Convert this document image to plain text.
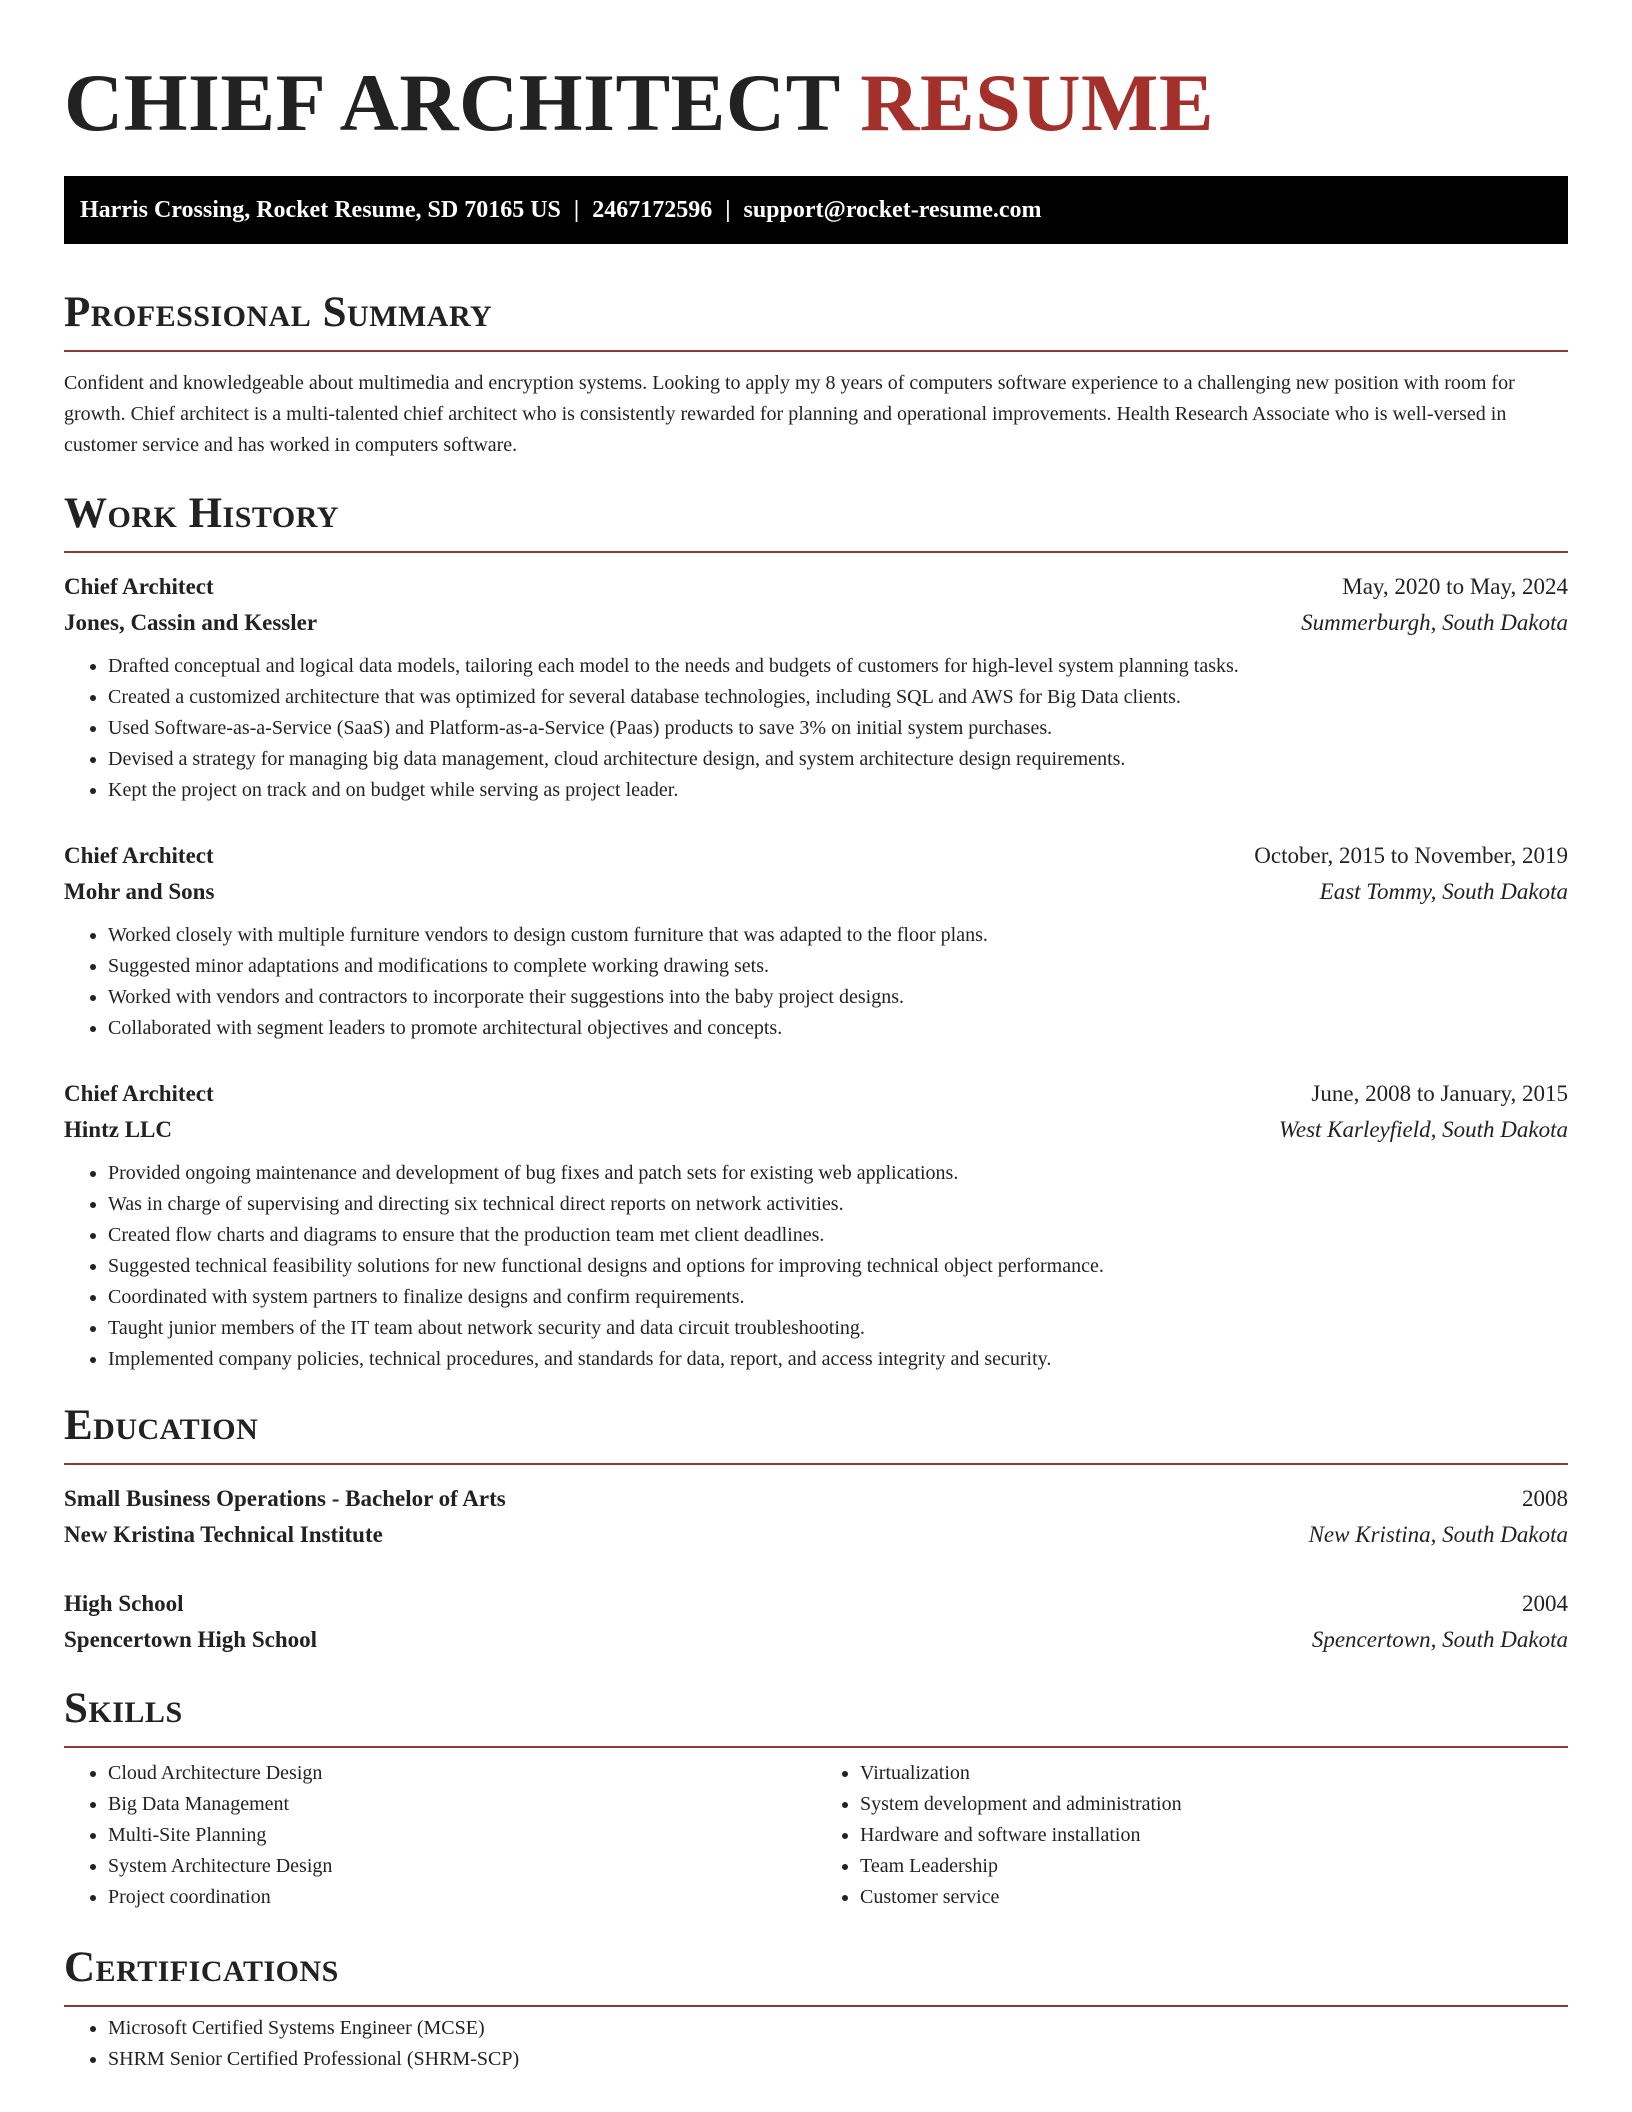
CHIEF ARCHITECT RESUME
Harris Crossing, Rocket Resume, SD 70165 US | 2467172596 | support@rocket-resume.com
Professional Summary

Confident and knowledgeable about multimedia and encryption systems. Looking to apply my 8 years of computers software experience to a challenging new position with room for growth. Chief architect is a multi-talented chief architect who is consistently rewarded for planning and operational improvements. Health Research Associate who is well-versed in customer service and has worked in computers software.

Work History
Chief Architect	May, 2020 to May, 2024
Jones, Cassin and Kessler	Summerburgh, South Dakota
• Drafted conceptual and logical data models, tailoring each model to the needs and budgets of customers for high-level system planning tasks.
• Created a customized architecture that was optimized for several database technologies, including SQL and AWS for Big Data clients.
• Used Software-as-a-Service (SaaS) and Platform-as-a-Service (Paas) products to save 3% on initial system purchases.
• Devised a strategy for managing big data management, cloud architecture design, and system architecture design requirements.
• Kept the project on track and on budget while serving as project leader.
Chief Architect	October, 2015 to November, 2019
Mohr and Sons	East Tommy, South Dakota
• Worked closely with multiple furniture vendors to design custom furniture that was adapted to the floor plans.
• Suggested minor adaptations and modifications to complete working drawing sets.
• Worked with vendors and contractors to incorporate their suggestions into the baby project designs.
• Collaborated with segment leaders to promote architectural objectives and concepts.
Chief Architect	June, 2008 to January, 2015
Hintz LLC	West Karleyfield, South Dakota
• Provided ongoing maintenance and development of bug fixes and patch sets for existing web applications.
• Was in charge of supervising and directing six technical direct reports on network activities.
• Created flow charts and diagrams to ensure that the production team met client deadlines.
• Suggested technical feasibility solutions for new functional designs and options for improving technical object performance.
• Coordinated with system partners to finalize designs and confirm requirements.
• Taught junior members of the IT team about network security and data circuit troubleshooting.
• Implemented company policies, technical procedures, and standards for data, report, and access integrity and security.
Education
Small Business Operations - Bachelor of Arts	2008
New Kristina Technical Institute	New Kristina, South Dakota
High School	2004
Spencertown High School	Spencertown, South Dakota
Skills
• Cloud Architecture Design
• Big Data Management
• Multi-Site Planning
• System Architecture Design
• Project coordination
• Virtualization
• System development and administration
• Hardware and software installation
• Team Leadership
• Customer service
Certifications
• Microsoft Certified Systems Engineer (MCSE)
• SHRM Senior Certified Professional (SHRM-SCP)
